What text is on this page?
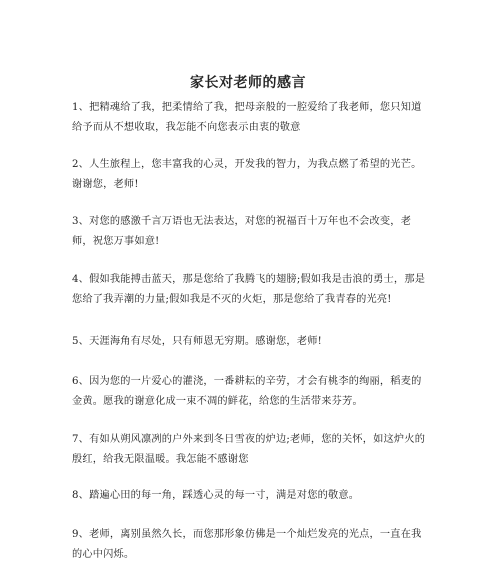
家长对老师的感言
1、把精魂给了我，把柔情给了我，把母亲般的一腔爱给了我老师，您只知道给予而从不想收取，我怎能不向您表示由衷的敬意
2、人生旅程上，您丰富我的心灵，开发我的智力，为我点燃了希望的光芒。谢谢您，老师!
3、对您的感激千言万语也无法表达，对您的祝福百十万年也不会改变，老师，祝您万事如意!
4、假如我能搏击蓝天，那是您给了我腾飞的翅膀;假如我是击浪的勇士，那是您给了我弄潮的力量;假如我是不灭的火炬，那是您给了我青春的光亮!
5、天涯海角有尽处，只有师恩无穷期。感谢您，老师!
6、因为您的一片爱心的灌浇，一番耕耘的辛劳，才会有桃李的绚丽，稻麦的金黄。愿我的谢意化成一束不凋的鲜花，给您的生活带来芬芳。
7、有如从朔风凛冽的户外来到冬日雪夜的炉边;老师，您的关怀，如这炉火的殷红，给我无限温暖。我怎能不感谢您
8、踏遍心田的每一角，踩透心灵的每一寸，满是对您的敬意。
9、老师，离别虽然久长，而您那形象仿佛是一个灿烂发亮的光点，一直在我的心中闪烁。
